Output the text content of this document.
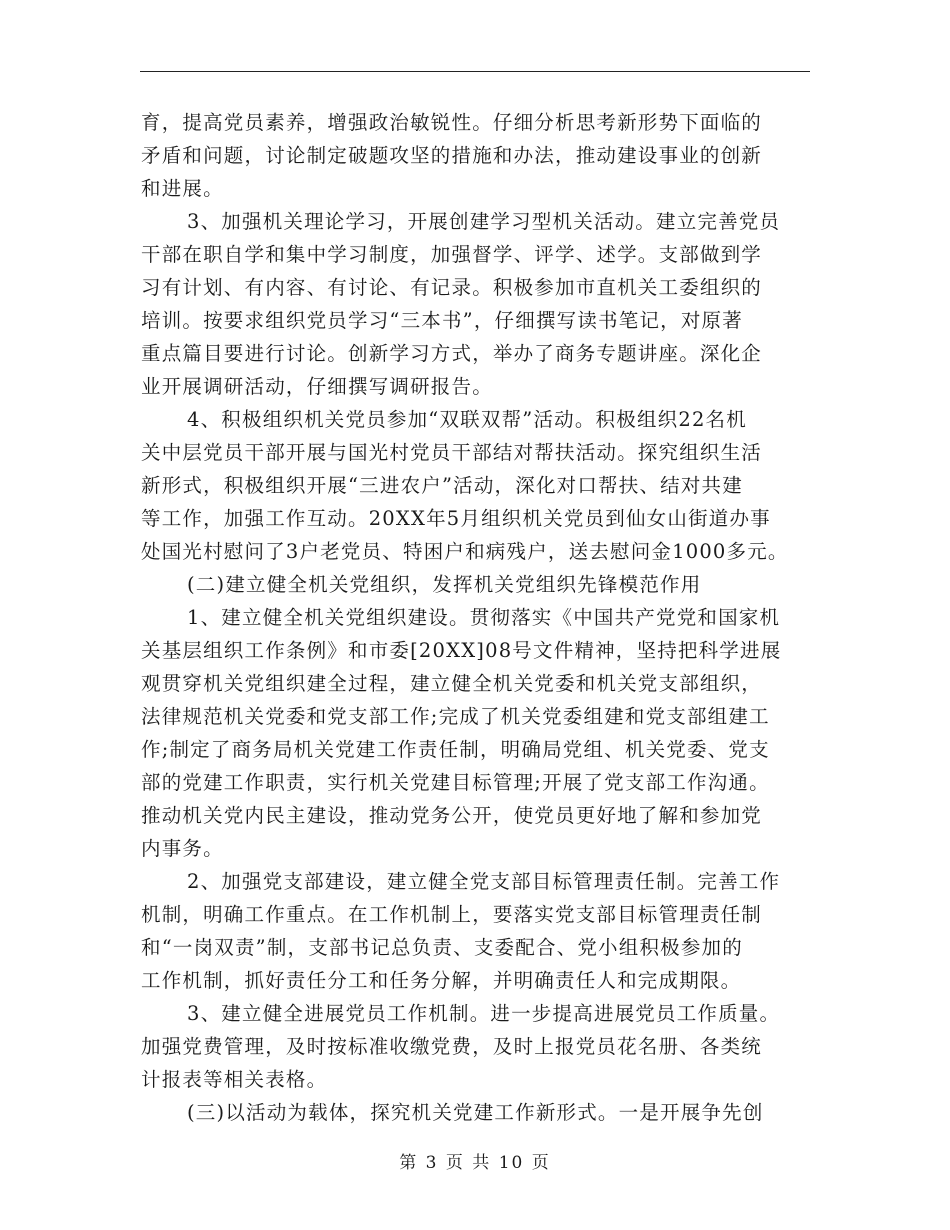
育，提高党员素养，增强政治敏锐性。仔细分析思考新形势下面临的
矛盾和问题，讨论制定破题攻坚的措施和办法，推动建设事业的创新
和进展。
3、加强机关理论学习，开展创建学习型机关活动。建立完善党员
干部在职自学和集中学习制度，加强督学、评学、述学。支部做到学
习有计划、有内容、有讨论、有记录。积极参加市直机关工委组织的
培训。按要求组织党员学习“三本书”，仔细撰写读书笔记，对原著
重点篇目要进行讨论。创新学习方式，举办了商务专题讲座。深化企
业开展调研活动，仔细撰写调研报告。
4、积极组织机关党员参加“双联双帮”活动。积极组织22名机
关中层党员干部开展与国光村党员干部结对帮扶活动。探究组织生活
新形式，积极组织开展“三进农户”活动，深化对口帮扶、结对共建
等工作，加强工作互动。20XX年5月组织机关党员到仙女山街道办事
处国光村慰问了3户老党员、特困户和病残户，送去慰问金1000多元。
(二)建立健全机关党组织，发挥机关党组织先锋模范作用
1、建立健全机关党组织建设。贯彻落实《中国共产党党和国家机
关基层组织工作条例》和市委[20XX]08号文件精神，坚持把科学进展
观贯穿机关党组织建全过程，建立健全机关党委和机关党支部组织，
法律规范机关党委和党支部工作;完成了机关党委组建和党支部组建工
作;制定了商务局机关党建工作责任制，明确局党组、机关党委、党支
部的党建工作职责，实行机关党建目标管理;开展了党支部工作沟通。
推动机关党内民主建设，推动党务公开，使党员更好地了解和参加党
内事务。
2、加强党支部建设，建立健全党支部目标管理责任制。完善工作
机制，明确工作重点。在工作机制上，要落实党支部目标管理责任制
和“一岗双责”制，支部书记总负责、支委配合、党小组积极参加的
工作机制，抓好责任分工和任务分解，并明确责任人和完成期限。
3、建立健全进展党员工作机制。进一步提高进展党员工作质量。
加强党费管理，及时按标准收缴党费，及时上报党员花名册、各类统
计报表等相关表格。
(三)以活动为载体，探究机关党建工作新形式。一是开展争先创
第 3 页 共 10 页
